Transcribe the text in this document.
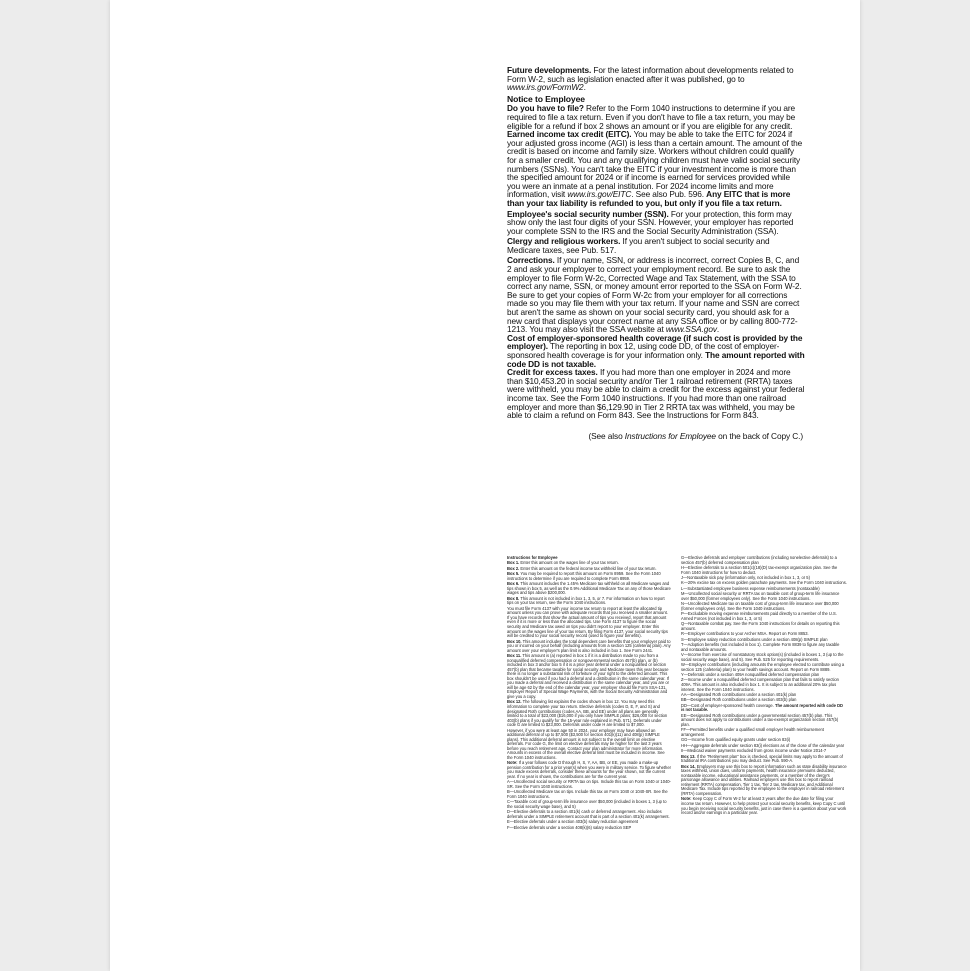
Future developments. For the latest information about developments related to Form W-2, such as legislation enacted after it was published, go to www.irs.gov/FormW2.

Notice to Employee

Do you have to file? Refer to the Form 1040 instructions to determine if you are required to file a tax return. Even if you don't have to file a tax return, you may be eligible for a refund if box 2 shows an amount or if you are eligible for any credit.

Earned income tax credit (EITC). You may be able to take the EITC for 2024 if your adjusted gross income (AGI) is less than a certain amount. The amount of the credit is based on income and family size. Workers without children could qualify for a smaller credit. You and any qualifying children must have valid social security numbers (SSNs). You can't take the EITC if your investment income is more than the specified amount for 2024 or if income is earned for services provided while you were an inmate at a penal institution. For 2024 income limits and more information, visit www.irs.gov/EITC. See also Pub. 596. Any EITC that is more than your tax liability is refunded to you, but only if you file a tax return.

Employee's social security number (SSN). For your protection, this form may show only the last four digits of your SSN. However, your employer has reported your complete SSN to the IRS and the Social Security Administration (SSA).

Clergy and religious workers. If you aren't subject to social security and Medicare taxes, see Pub. 517.

Corrections. If your name, SSN, or address is incorrect, correct Copies B, C, and 2 and ask your employer to correct your employment record. Be sure to ask the employer to file Form W-2c, Corrected Wage and Tax Statement, with the SSA to correct any name, SSN, or money amount error reported to the SSA on Form W-2. Be sure to get your copies of Form W-2c from your employer for all corrections made so you may file them with your tax return. If your name and SSN are correct but aren't the same as shown on your social security card, you should ask for a new card that displays your correct name at any SSA office or by calling 800-772-1213. You may also visit the SSA website at www.SSA.gov.

Cost of employer-sponsored health coverage (if such cost is provided by the employer). The reporting in box 12, using code DD, of the cost of employer-sponsored health coverage is for your information only. The amount reported with code DD is not taxable.

Credit for excess taxes. If you had more than one employer in 2024 and more than $10,453.20 in social security and/or Tier 1 railroad retirement (RRTA) taxes were withheld, you may be able to claim a credit for the excess against your federal income tax. See the Form 1040 instructions. If you had more than one railroad employer and more than $6,129.90 in Tier 2 RRTA tax was withheld, you may be able to claim a refund on Form 843. See the Instructions for Form 843.

(See also Instructions for Employee on the back of Copy C.)

Instructions for Employee

Box 1. Enter this amount on the wages line of your tax return.

Box 2. Enter this amount on the federal income tax withheld line of your tax return.

Box 5. You may be required to report this amount on Form 8959. See the Form 1040 instructions to determine if you are required to complete Form 8959.

Box 6. This amount includes the 1.45% Medicare tax withheld on all Medicare wages and tips shown in box 5, as well as the 0.9% Additional Medicare Tax on any of those Medicare wages and tips above $200,000.

Box 8. This amount is not included in box 1, 3, 5, or 7. For information on how to report tips on your tax return, see the Form 1040 instructions.

You must file Form 4137 with your income tax return to report at least the allocated tip amount unless you can prove with adequate records that you received a smaller amount. If you have records that show the actual amount of tips you received, report that amount even if it is more or less than the allocated tips. Use Form 4137 to figure the social security and Medicare tax owed on tips you didn't report to your employer. Enter this amount on the wages line of your tax return. By filing Form 4137, your social security tips will be credited to your social security record (used to figure your benefits).

Box 10. This amount includes the total dependent care benefits that your employer paid to you or incurred on your behalf (including amounts from a section 125 (cafeteria) plan). Any amount over your employer's plan limit is also included in box 1. See Form 2441.

Box 11. This amount is (a) reported in box 1 if it is a distribution made to you from a nonqualified deferred compensation or nongovernmental section 457(b) plan, or (b) included in box 3 and/or box 5 if it is a prior year deferral under a nonqualified or section 457(b) plan that became taxable for social security and Medicare taxes this year because there is no longer a substantial risk of forfeiture of your right to the deferred amount. This box shouldn't be used if you had a deferral and a distribution in the same calendar year. If you made a deferral and received a distribution in the same calendar year, and you are or will be age 62 by the end of the calendar year, your employer should file Form SSA-131, Employer Report of Special Wage Payments, with the Social Security Administration and give you a copy.

Box 12. The following list explains the codes shown in box 12. You may need this information to complete your tax return. Elective deferrals (codes D, E, F, and S) and designated Roth contributions (codes AA, BB, and EE) under all plans are generally limited to a total of $23,000 ($16,000 if you only have SIMPLE plans; $26,000 for section 403(b) plans if you qualify for the 15-year rule explained in Pub. 571). Deferrals under code G are limited to $23,000. Deferrals under code H are limited to $7,000.

However, if you were at least age 50 in 2024, your employer may have allowed an additional deferral of up to $7,500 ($3,500 for section 401(k)(11) and 408(p) SIMPLE plans). This additional deferral amount is not subject to the overall limit on elective deferrals. For code G, the limit on elective deferrals may be higher for the last 3 years before you reach retirement age. Contact your plan administrator for more information. Amounts in excess of the overall elective deferral limit must be included in income. See the Form 1040 instructions.

Note: If a year follows code D through H, S, Y, AA, BB, or EE, you made a make-up pension contribution for a prior year(s) when you were in military service. To figure whether you made excess deferrals, consider these amounts for the year shown, not the current year. If no year is shown, the contributions are for the current year.

A—Uncollected social security or RRTA tax on tips. Include this tax on Form 1040 or 1040-SR. See the Form 1040 instructions.

B—Uncollected Medicare tax on tips. Include this tax on Form 1040 or 1040-SR. See the Form 1040 instructions.

C—Taxable cost of group-term life insurance over $50,000 (included in boxes 1, 3 (up to the social security wage base), and 5)

D—Elective deferrals to a section 401(k) cash or deferred arrangement. Also includes deferrals under a SIMPLE retirement account that is part of a section 401(k) arrangement.

E—Elective deferrals under a section 403(b) salary reduction agreement

F—Elective deferrals under a section 408(k)(6) salary reduction SEP

G—Elective deferrals and employer contributions (including nonelective deferrals) to a section 457(b) deferred compensation plan

H—Elective deferrals to a section 501(c)(18)(D) tax-exempt organization plan. See the Form 1040 instructions for how to deduct.

J—Nontaxable sick pay (information only, not included in box 1, 3, or 5)

K—20% excise tax on excess golden parachute payments. See the Form 1040 instructions.

L—Substantiated employee business expense reimbursements (nontaxable)

M—Uncollected social security or RRTA tax on taxable cost of group-term life insurance over $50,000 (former employees only). See the Form 1040 instructions.

N—Uncollected Medicare tax on taxable cost of group-term life insurance over $50,000 (former employees only). See the Form 1040 instructions.

P—Excludable moving expense reimbursements paid directly to a member of the U.S. Armed Forces (not included in box 1, 3, or 5)

Q—Nontaxable combat pay. See the Form 1040 instructions for details on reporting this amount.

R—Employer contributions to your Archer MSA. Report on Form 8853.

S—Employee salary reduction contributions under a section 408(p) SIMPLE plan

T—Adoption benefits (not included in box 1). Complete Form 8839 to figure any taxable and nontaxable amounts.

V—Income from exercise of nonstatutory stock option(s) (included in boxes 1, 3 (up to the social security wage base), and 5). See Pub. 525 for reporting requirements.

W—Employer contributions (including amounts the employee elected to contribute using a section 125 (cafeteria) plan) to your health savings account. Report on Form 8889.

Y—Deferrals under a section 409A nonqualified deferred compensation plan

Z—Income under a nonqualified deferred compensation plan that fails to satisfy section 409A. This amount is also included in box 1. It is subject to an additional 20% tax plus interest. See the Form 1040 instructions.

AA—Designated Roth contributions under a section 401(k) plan

BB—Designated Roth contributions under a section 403(b) plan

DD—Cost of employer-sponsored health coverage. The amount reported with code DD is not taxable.

EE—Designated Roth contributions under a governmental section 457(b) plan. This amount does not apply to contributions under a tax-exempt organization section 457(b) plan.

FF—Permitted benefits under a qualified small employer health reimbursement arrangement

GG—Income from qualified equity grants under section 83(i)

HH—Aggregate deferrals under section 83(i) elections as of the close of the calendar year

II—Medicaid waiver payments excluded from gross income under Notice 2014-7

Box 13. If the "Retirement plan" box is checked, special limits may apply to the amount of traditional IRA contributions you may deduct. See Pub. 590-A.

Box 14. Employers may use this box to report information such as state disability insurance taxes withheld, union dues, uniform payments, health insurance premiums deducted, nontaxable income, educational assistance payments, or a member of the clergy's parsonage allowance and utilities. Railroad employers use this box to report railroad retirement (RRTA) compensation, Tier 1 tax, Tier 2 tax, Medicare tax, and Additional Medicare Tax. Include tips reported by the employee to the employer in railroad retirement (RRTA) compensation.

Note: Keep Copy C of Form W-2 for at least 3 years after the due date for filing your income tax return. However, to help protect your social security benefits, keep Copy C until you begin receiving social security benefits, just in case there is a question about your work record and/or earnings in a particular year.
